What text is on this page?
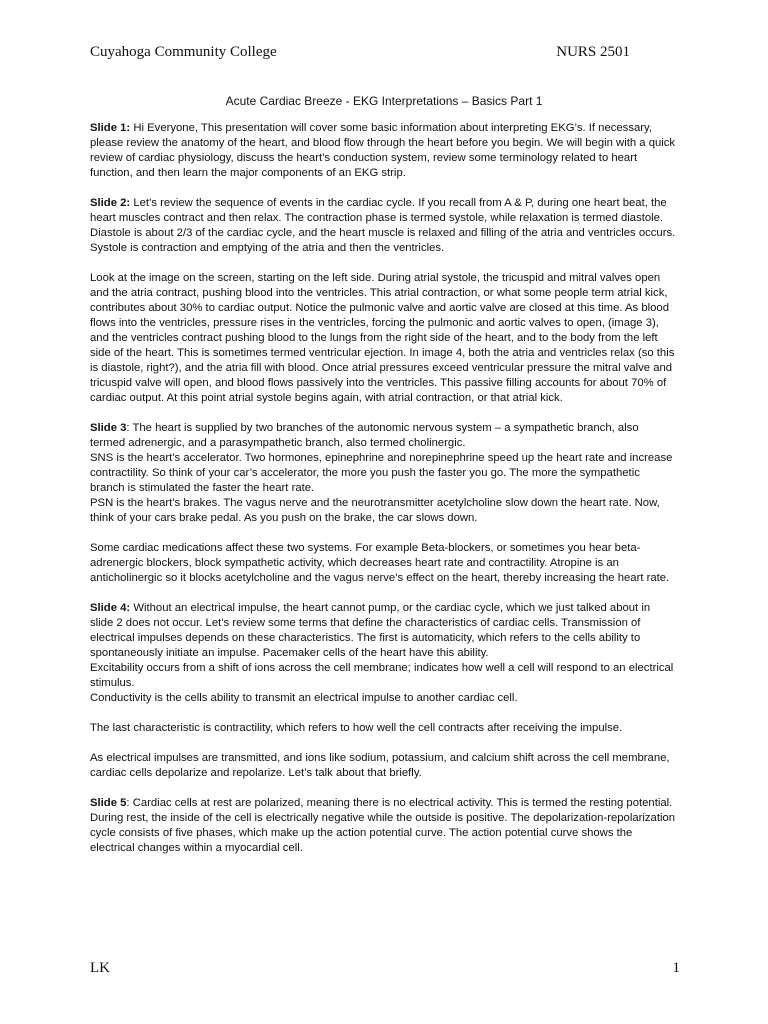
Cuyahoga Community College	NURS 2501
Acute Cardiac Breeze - EKG Interpretations – Basics Part 1

Slide 1: Hi Everyone, This presentation will cover some basic information about interpreting EKG’s. If necessary, please review the anatomy of the heart, and blood flow through the heart before you begin. We will begin with a quick review of cardiac physiology, discuss the heart’s conduction system, review some terminology related to heart function, and then learn the major components of an EKG strip.

Slide 2: Let’s review the sequence of events in the cardiac cycle. If you recall from A & P, during one heart beat, the heart muscles contract and then relax. The contraction phase is termed systole, while relaxation is termed diastole. Diastole is about 2/3 of the cardiac cycle, and the heart muscle is relaxed and filling of the atria and ventricles occurs. Systole is contraction and emptying of the atria and then the ventricles.

Look at the image on the screen, starting on the left side. During atrial systole, the tricuspid and mitral valves open and the atria contract, pushing blood into the ventricles. This atrial contraction, or what some people term atrial kick, contributes about 30% to cardiac output. Notice the pulmonic valve and aortic valve are closed at this time. As blood flows into the ventricles, pressure rises in the ventricles, forcing the pulmonic and aortic valves to open, (image 3), and the ventricles contract pushing blood to the lungs from the right side of the heart, and to the body from the left side of the heart. This is sometimes termed ventricular ejection. In image 4, both the atria and ventricles relax (so this is diastole, right?), and the atria fill with blood. Once atrial pressures exceed ventricular pressure the mitral valve and tricuspid valve will open, and blood flows passively into the ventricles. This passive filling accounts for about 70% of cardiac output. At this point atrial systole begins again, with atrial contraction, or that atrial kick.

Slide 3: The heart is supplied by two branches of the autonomic nervous system – a sympathetic branch, also termed adrenergic, and a parasympathetic branch, also termed cholinergic.

SNS is the heart’s accelerator. Two hormones, epinephrine and norepinephrine speed up the heart rate and increase contractility. So think of your car’s accelerator, the more you push the faster you go. The more the sympathetic branch is stimulated the faster the heart rate.

PSN is the heart’s brakes. The vagus nerve and the neurotransmitter acetylcholine slow down the heart rate. Now, think of your cars brake pedal. As you push on the brake, the car slows down.

Some cardiac medications affect these two systems. For example Beta-blockers, or sometimes you hear beta-adrenergic blockers, block sympathetic activity, which decreases heart rate and contractility. Atropine is an anticholinergic so it blocks acetylcholine and the vagus nerve’s effect on the heart, thereby increasing the heart rate.

Slide 4: Without an electrical impulse, the heart cannot pump, or the cardiac cycle, which we just talked about in slide 2 does not occur. Let’s review some terms that define the characteristics of cardiac cells. Transmission of electrical impulses depends on these characteristics. The first is automaticity, which refers to the cells ability to spontaneously initiate an impulse. Pacemaker cells of the heart have this ability.

Excitability occurs from a shift of ions across the cell membrane; indicates how well a cell will respond to an electrical stimulus.

Conductivity is the cells ability to transmit an electrical impulse to another cardiac cell.

The last characteristic is contractility, which refers to how well the cell contracts after receiving the impulse.

As electrical impulses are transmitted, and ions like sodium, potassium, and calcium shift across the cell membrane, cardiac cells depolarize and repolarize. Let’s talk about that briefly.

Slide 5: Cardiac cells at rest are polarized, meaning there is no electrical activity. This is termed the resting potential. During rest, the inside of the cell is electrically negative while the outside is positive. The depolarization-repolarization cycle consists of five phases, which make up the action potential curve. The action potential curve shows the electrical changes within a myocardial cell.

LK	1
